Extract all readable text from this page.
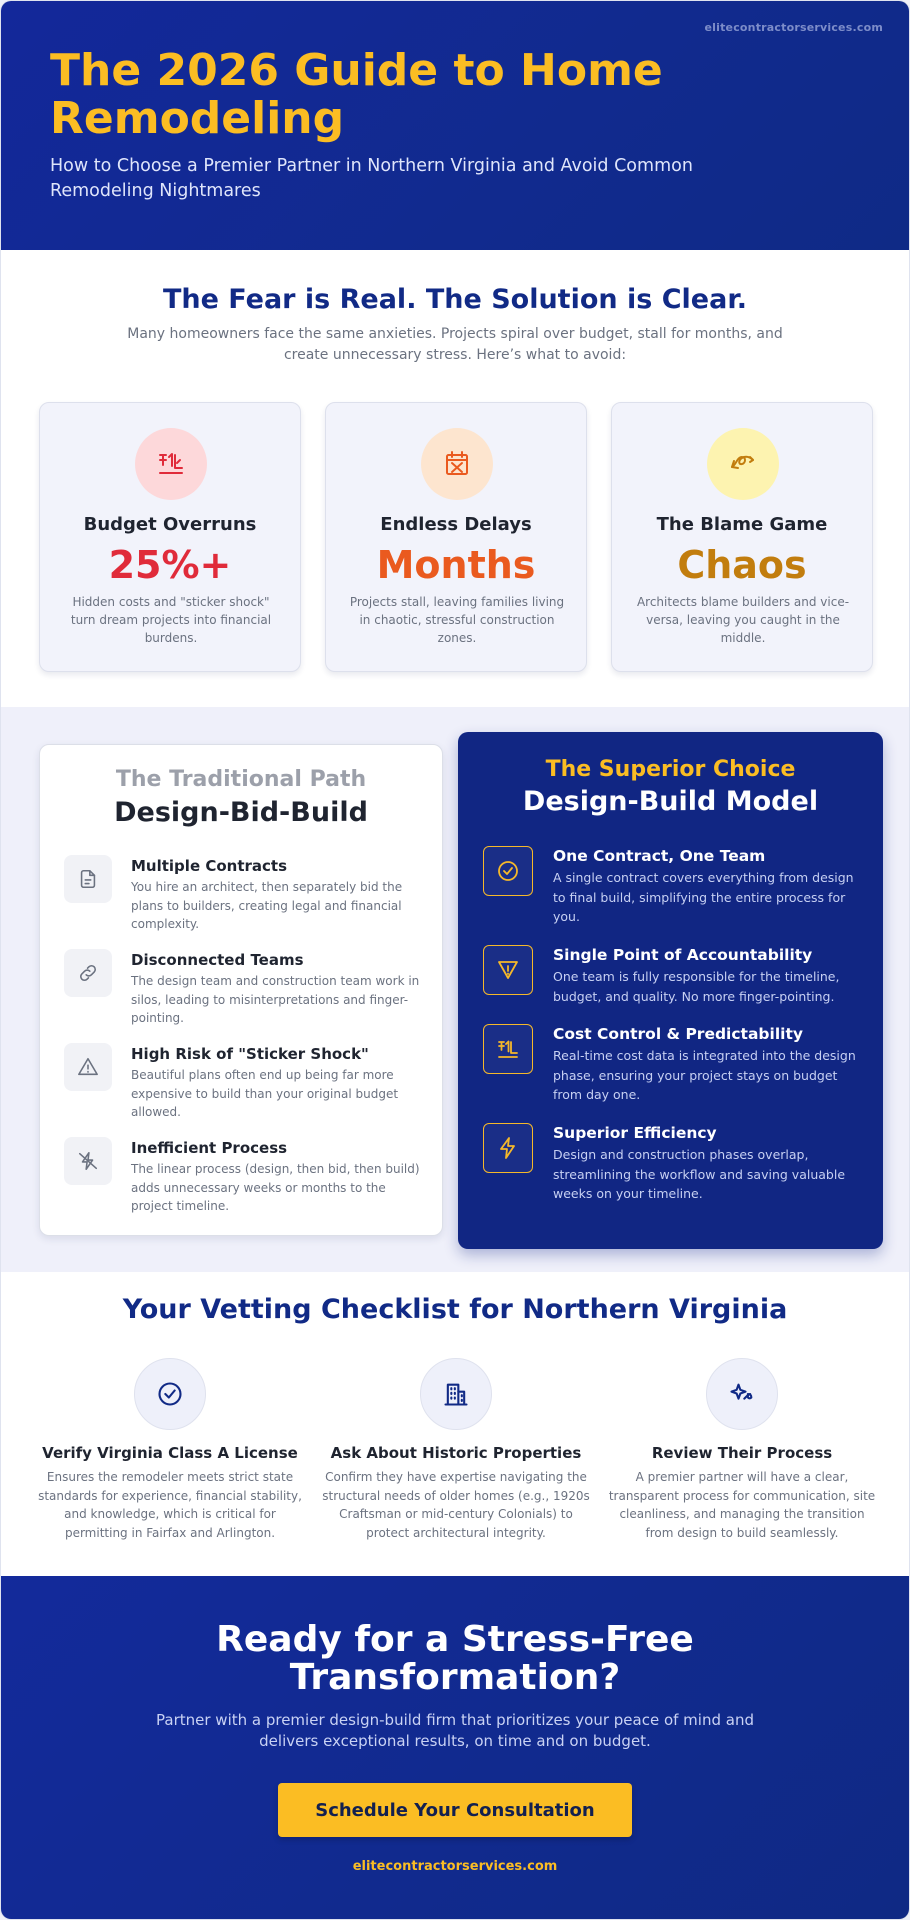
elitecontractorservices.com
The 2026 Guide to Home Remodeling
How to Choose a Premier Partner in Northern Virginia and Avoid Common Remodeling Nightmares
The Fear is Real. The Solution is Clear.
Many homeowners face the same anxieties. Projects spiral over budget, stall for months, and create unnecessary stress. Here’s what to avoid:
Budget Overruns
25%+
Hidden costs and "sticker shock" turn dream projects into financial burdens.
Endless Delays
Months
Projects stall, leaving families living in chaotic, stressful construction zones.
The Blame Game
Chaos
Architects blame builders and vice-versa, leaving you caught in the middle.
The Traditional Path
Design-Bid-Build
Multiple Contracts
You hire an architect, then separately bid the plans to builders, creating legal and financial complexity.
Disconnected Teams
The design team and construction team work in silos, leading to misinterpretations and finger-pointing.
High Risk of "Sticker Shock"
Beautiful plans often end up being far more expensive to build than your original budget allowed.
Inefficient Process
The linear process (design, then bid, then build) adds unnecessary weeks or months to the project timeline.
The Superior Choice
Design-Build Model
One Contract, One Team
A single contract covers everything from design to final build, simplifying the entire process for you.
Single Point of Accountability
One team is fully responsible for the timeline, budget, and quality. No more finger-pointing.
Cost Control & Predictability
Real-time cost data is integrated into the design phase, ensuring your project stays on budget from day one.
Superior Efficiency
Design and construction phases overlap, streamlining the workflow and saving valuable weeks on your timeline.
Your Vetting Checklist for Northern Virginia
Verify Virginia Class A License
Ensures the remodeler meets strict state standards for experience, financial stability, and knowledge, which is critical for permitting in Fairfax and Arlington.
Ask About Historic Properties
Confirm they have expertise navigating the structural needs of older homes (e.g., 1920s Craftsman or mid-century Colonials) to protect architectural integrity.
Review Their Process
A premier partner will have a clear, transparent process for communication, site cleanliness, and managing the transition from design to build seamlessly.
Ready for a Stress-Free Transformation?
Partner with a premier design-build firm that prioritizes your peace of mind and delivers exceptional results, on time and on budget.
Schedule Your Consultation
elitecontractorservices.com
